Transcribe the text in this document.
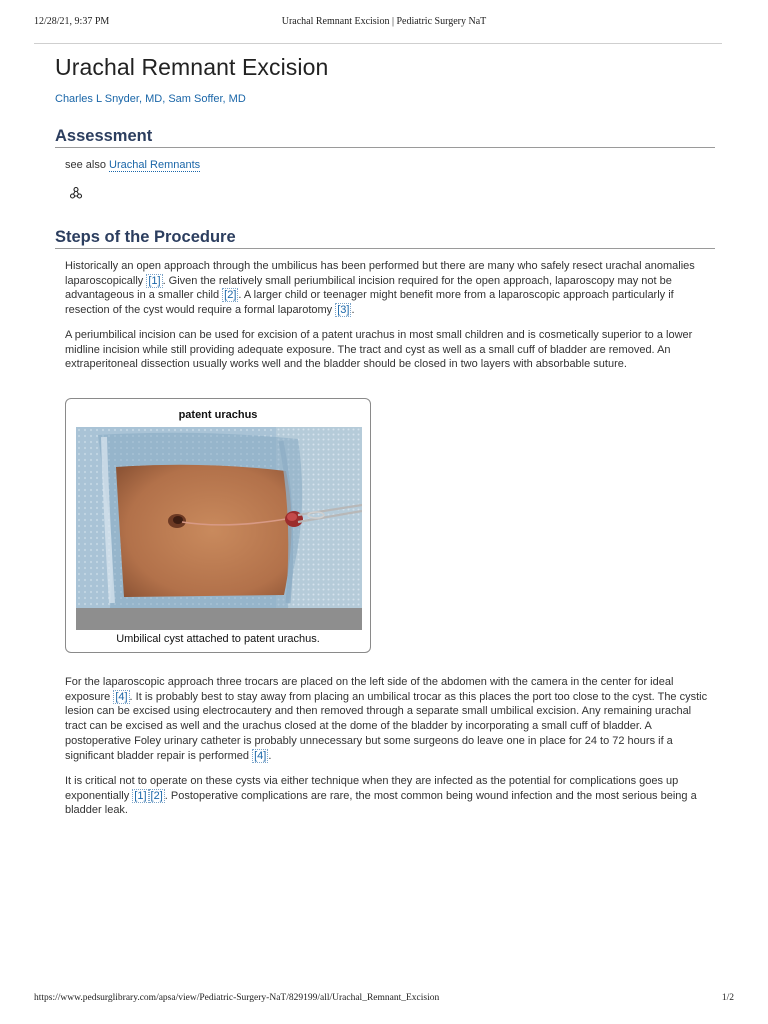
12/28/21, 9:37 PM	Urachal Remnant Excision | Pediatric Surgery NaT
Urachal Remnant Excision
Charles L Snyder, MD, Sam Soffer, MD
Assessment
see also Urachal Remnants
Steps of the Procedure

Historically an open approach through the umbilicus has been performed but there are many who safely resect urachal anomalies laparoscopically [1] . Given the relatively small periumbilical incision required for the open approach, laparoscopy may not be advantageous in a smaller child [2] . A larger child or teenager might benefit more from a laparoscopic approach particularly if resection of the cyst would require a formal laparotomy [3] .

A periumbilical incision can be used for excision of a patent urachus in most small children and is cosmetically superior to a lower midline incision while still providing adequate exposure. The tract and cyst as well as a small cuff of bladder are removed. An extraperitoneal dissection usually works well and the bladder should be closed in two layers with absorbable suture.

patent urachus
Umbilical cyst attached to patent urachus.

For the laparoscopic approach three trocars are placed on the left side of the abdomen with the camera in the center for ideal exposure [4] . It is probably best to stay away from placing an umbilical trocar as this places the port too close to the cyst. The cystic lesion can be excised using electrocautery and then removed through a separate small umbilical excision. Any remaining urachal tract can be excised as well and the urachus closed at the dome of the bladder by incorporating a small cuff of bladder. A postoperative Foley urinary catheter is probably unnecessary but some surgeons do leave one in place for 24 to 72 hours if a significant bladder repair is performed [4] .

It is critical not to operate on these cysts via either technique when they are infected as the potential for complications goes up exponentially [1] [2] . Postoperative complications are rare, the most common being wound infection and the most serious being a bladder leak.

https://www.pedsurglibrary.com/apsa/view/Pediatric-Surgery-NaT/829199/all/Urachal_Remnant_Excision	1/2
